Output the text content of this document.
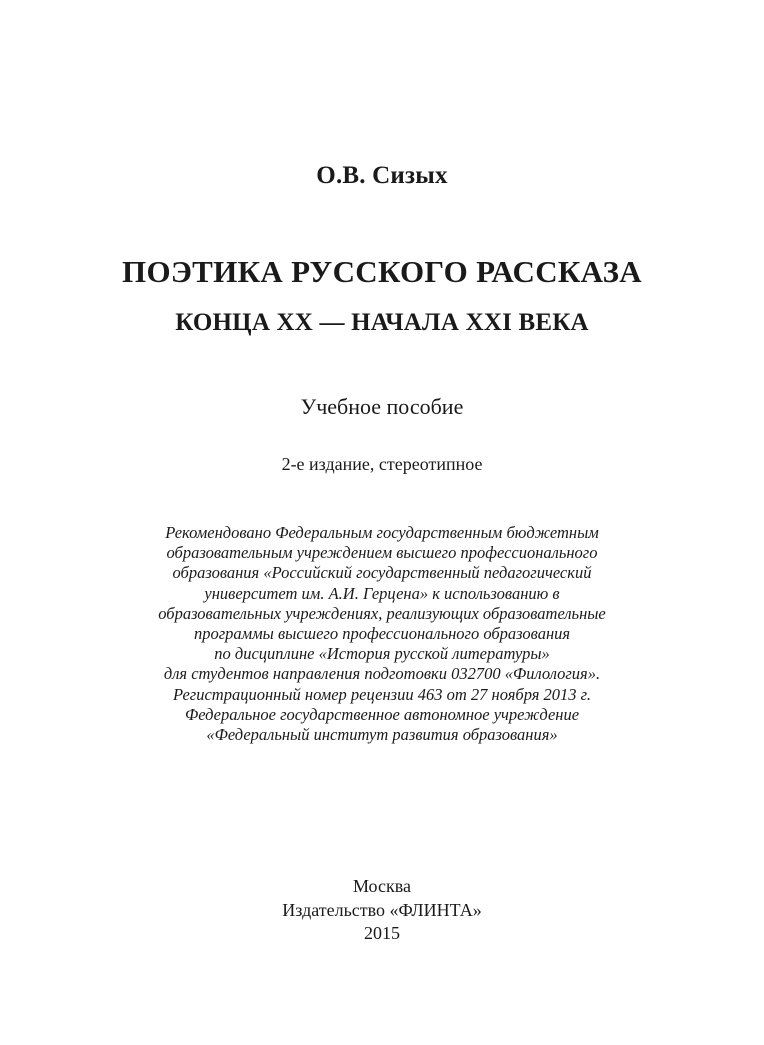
О.В. Сизых
ПОЭТИКА РУССКОГО РАССКАЗА
КОНЦА XX — НАЧАЛА XXI ВЕКА
Учебное пособие
2-е издание, стереотипное
Рекомендовано Федеральным государственным бюджетным
образовательным учреждением высшего профессионального
образования «Российский государственный педагогический
университет им. А.И. Герцена» к использованию в
образовательных учреждениях, реализующих образовательные
программы высшего профессионального образования
по дисциплине «История русской литературы»
для студентов направления подготовки 032700 «Филология».
Регистрационный номер рецензии 463 от 27 ноября 2013 г.
Федеральное государственное автономное учреждение
«Федеральный институт развития образования»
Москва
Издательство «ФЛИНТА»
2015
